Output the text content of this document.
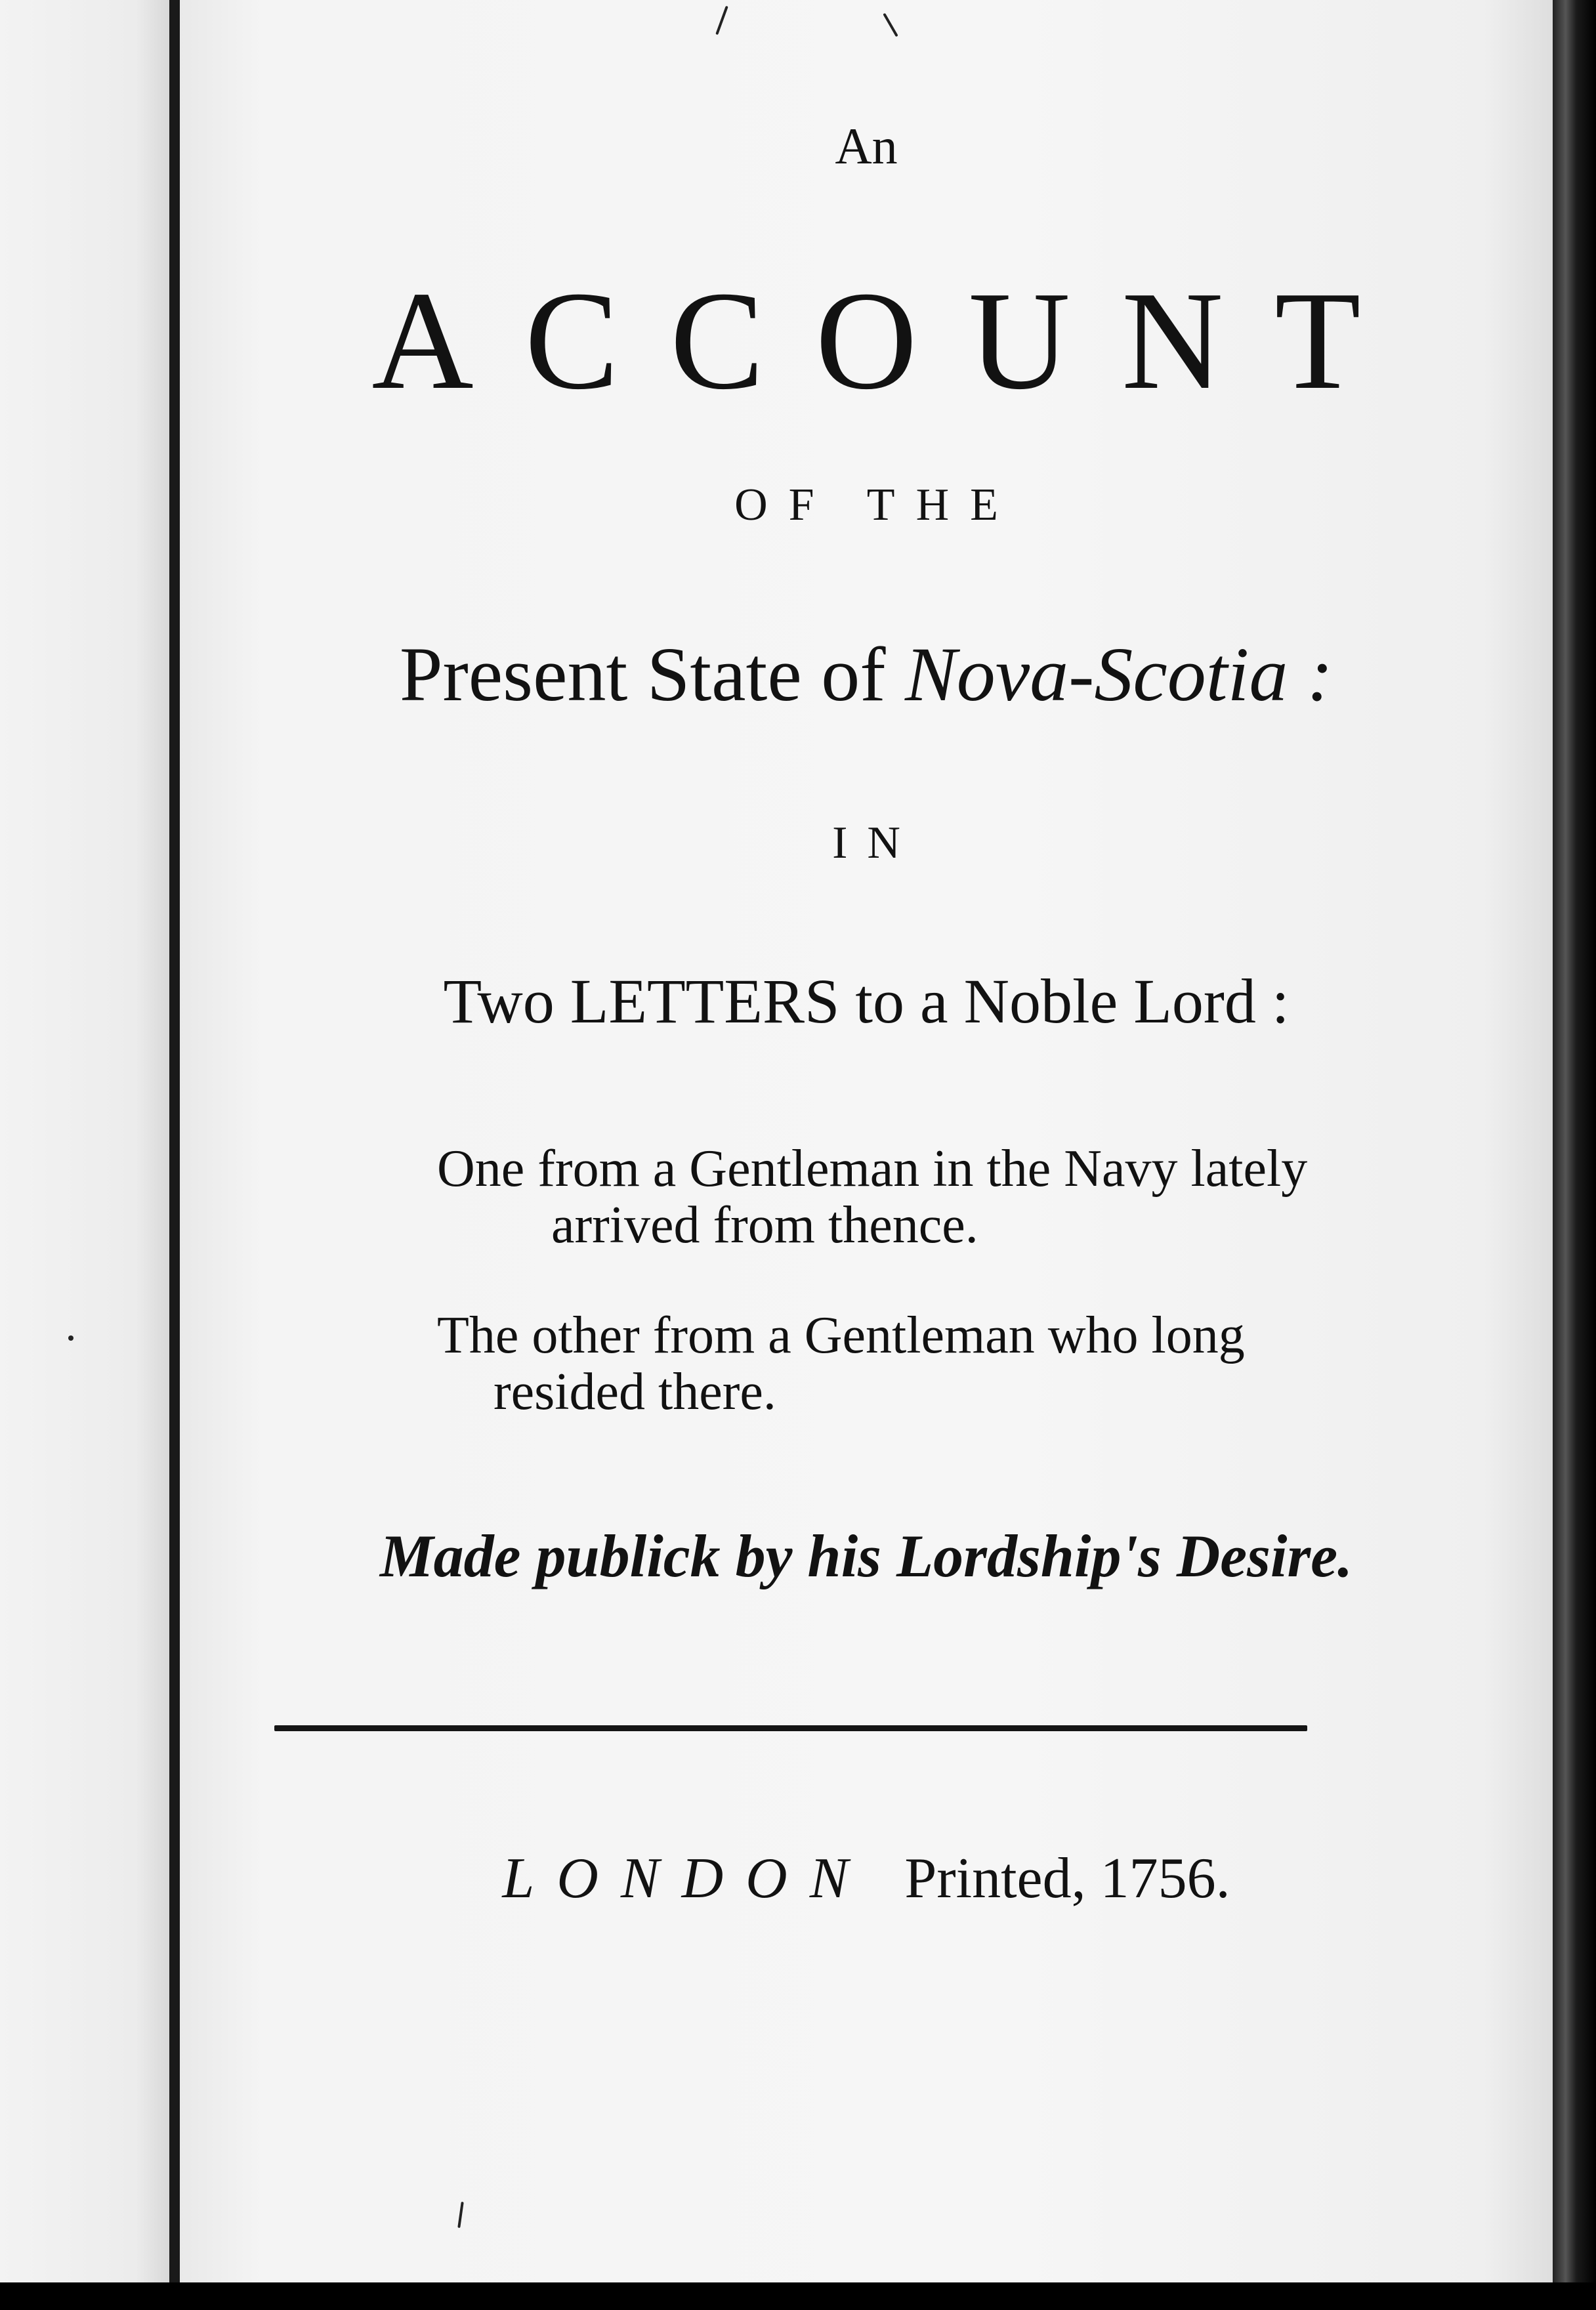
An
ACCOUNT
OF THE
Present State of Nova-Scotia :
IN
Two LETTERS to a Noble Lord :
One from a Gentleman in the Navy lately
arrived from thence.
The other from a Gentleman who long
resided there.
Made publick by his Lordship's Desire.
LONDON Printed, 1756.
